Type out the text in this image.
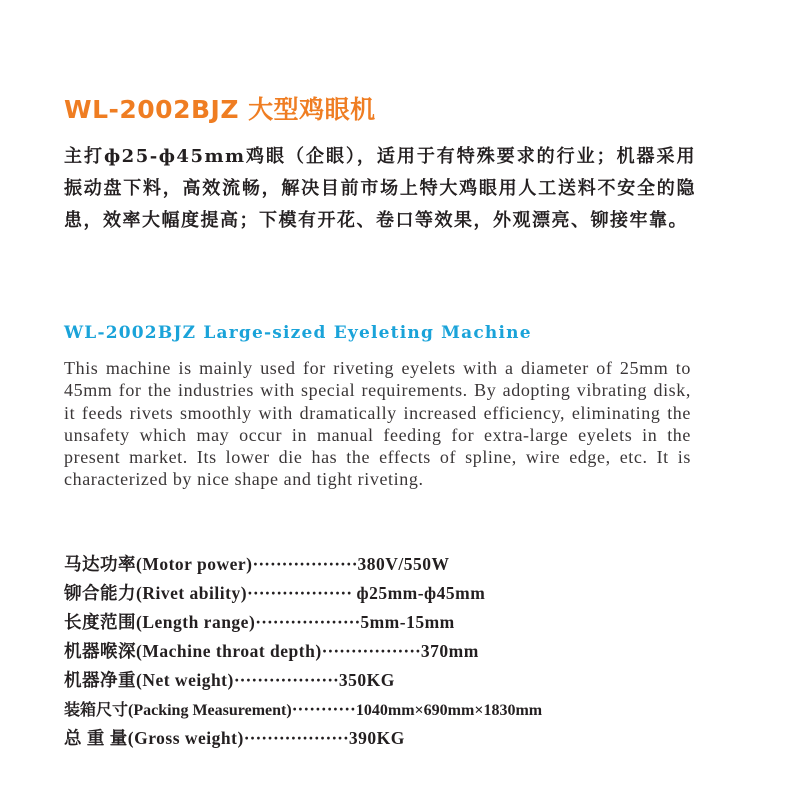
WL-2002BJZ 大型鸡眼机
主打ф25-ф45mm鸡眼（企眼），适用于有特殊要求的行业；机器采用振动盘下料，高效流畅，解决目前市场上特大鸡眼用人工送料不安全的隐患，效率大幅度提高；下模有开花、卷口等效果，外观漂亮、铆接牢靠。
WL-2002BJZ Large-sized Eyeleting Machine
This machine is mainly used for riveting eyelets with a diameter of 25mm to 45mm for the industries with special requirements. By adopting vibrating disk, it feeds rivets smoothly with dramatically increased efficiency, eliminating the unsafety which may occur in manual feeding for extra-large eyelets in the present market. Its lower die has the effects of spline, wire edge, etc. It is characterized by nice shape and tight riveting.
马达功率(Motor power)··················380V/550W
铆合能力(Rivet ability)·················· ф25mm-ф45mm
长度范围(Length range)··················5mm-15mm
机器喉深(Machine throat depth)·················370mm
机器净重(Net weight)··················350KG
装箱尺寸(Packing Measurement)···········1040mm×690mm×1830mm
总 重 量(Gross weight)··················390KG
